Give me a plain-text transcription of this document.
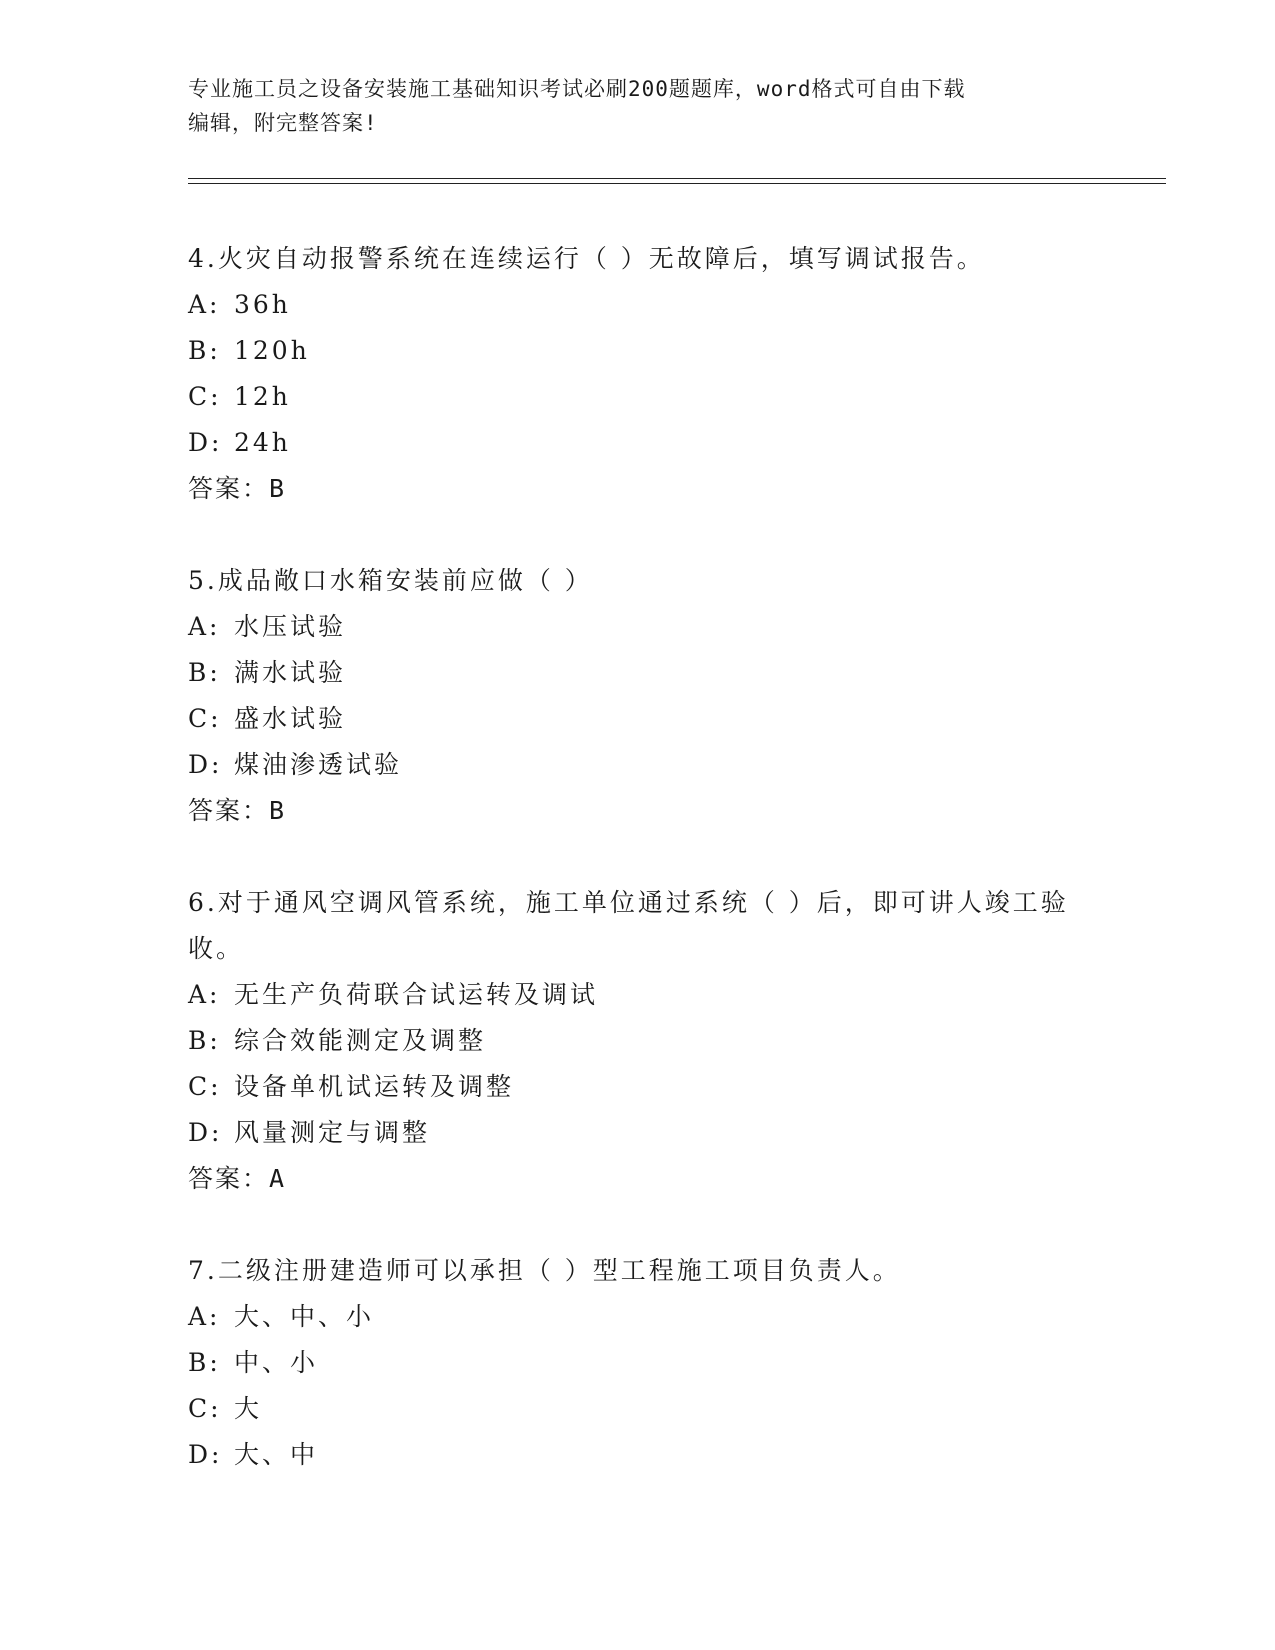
专业施工员之设备安装施工基础知识考试必刷200题题库，word格式可自由下载
编辑，附完整答案!

4.火灾自动报警系统在连续运行（ ）无故障后，填写调试报告。

A: 36h

B: 120h

C: 12h

D: 24h

答案：B

5.成品敞口水箱安装前应做（ ）

A: 水压试验

B: 满水试验

C: 盛水试验

D: 煤油渗透试验

答案：B

6.对于通风空调风管系统，施工单位通过系统（ ）后，即可讲人竣工验收。

A: 无生产负荷联合试运转及调试

B: 综合效能测定及调整

C: 设备单机试运转及调整

D: 风量测定与调整

答案：A

7.二级注册建造师可以承担（ ）型工程施工项目负责人。

A: 大、中、小

B: 中、小

C: 大

D: 大、中
